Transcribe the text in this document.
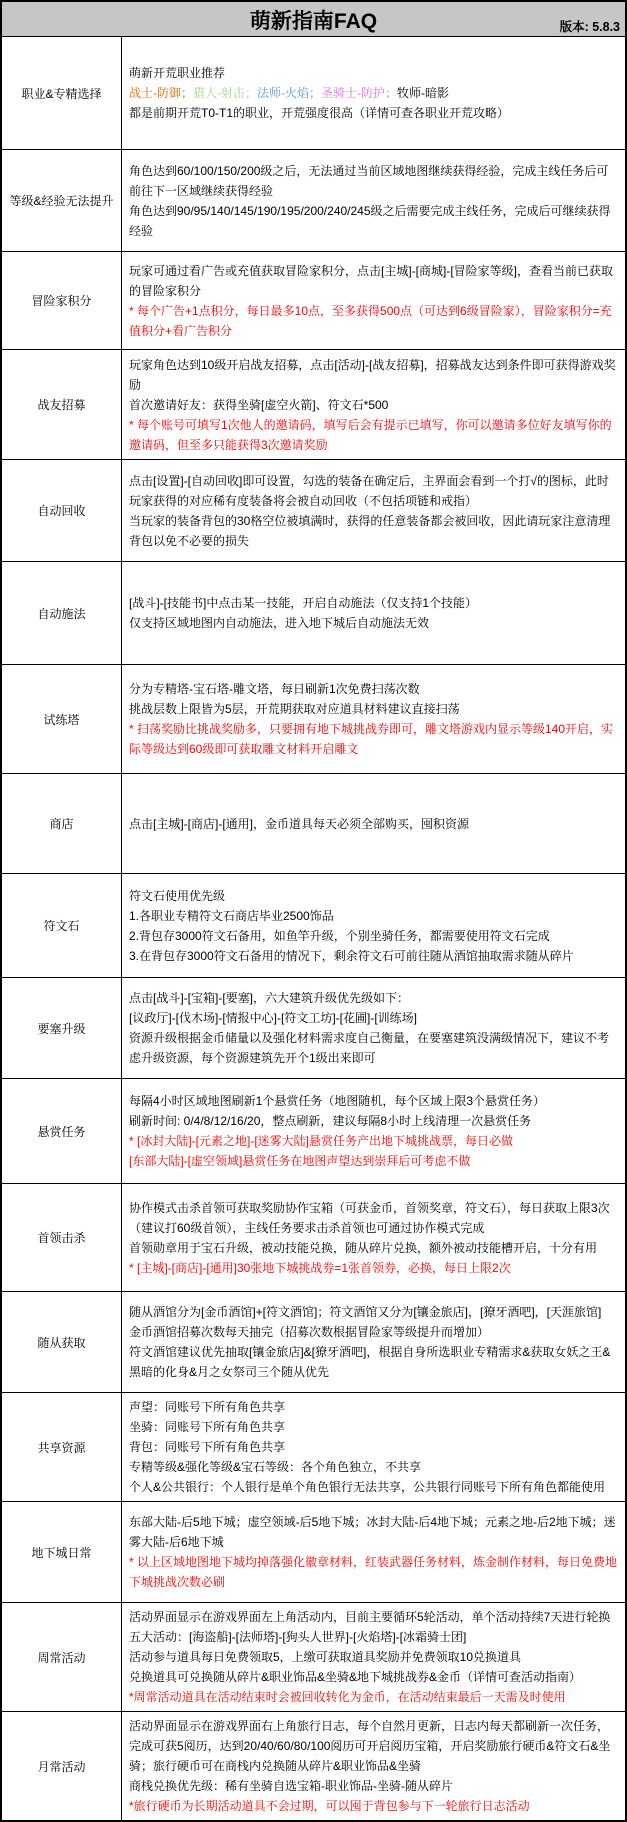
萌新指南FAQ	版本: 5.8.3
职业&专精选择
萌新开荒职业推荐
战士-防御；猎人-射击；法师-火焰；圣骑士-防护；牧师-暗影
都是前期开荒T0-T1的职业，开荒强度很高（详情可查各职业开荒攻略）
等级&经验无法提升
角色达到60/100/150/200级之后，无法通过当前区域地图继续获得经验，完成主线任务后可前往下一区域继续获得经验
角色达到90/95/140/145/190/195/200/240/245级之后需要完成主线任务，完成后可继续获得经验
冒险家积分
玩家可通过看广告或充值获取冒险家积分，点击[主城]-[商城]-[冒险家等级]，查看当前已获取的冒险家积分
* 每个广告+1点积分，每日最多10点，至多获得500点（可达到6级冒险家），冒险家积分=充值积分+看广告积分
战友招募
玩家角色达到10级开启战友招募，点击[活动]-[战友招募]，招募战友达到条件即可获得游戏奖励
首次邀请好友：获得坐骑[虚空火箭]、符文石*500
* 每个账号可填写1次他人的邀请码，填写后会有提示已填写，你可以邀请多位好友填写你的邀请码，但至多只能获得3次邀请奖励
自动回收
点击[设置]-[自动回收]即可设置，勾选的装备在确定后，主界面会看到一个打√的图标，此时玩家获得的对应稀有度装备将会被自动回收（不包括项链和戒指）
当玩家的装备背包的30格空位被填满时，获得的任意装备都会被回收，因此请玩家注意清理背包以免不必要的损失
自动施法
[战斗]-[技能书]中点击某一技能，开启自动施法（仅支持1个技能）
仅支持区域地图内自动施法，进入地下城后自动施法无效
试练塔
分为专精塔-宝石塔-雕文塔，每日刷新1次免费扫荡次数
挑战层数上限皆为5层，开荒期获取对应道具材料建议直接扫荡
* 扫荡奖励比挑战奖励多，只要拥有地下城挑战券即可，雕文塔游戏内显示等级140开启，实际等级达到60级即可获取雕文材料开启雕文
商店	点击[主城]-[商店]-[通用]，金币道具每天必须全部购买，囤积资源
符文石
符文石使用优先级
1.各职业专精符文石商店毕业2500饰品
2.背包存3000符文石备用，如鱼竿升级，个别坐骑任务，都需要使用符文石完成
3.在背包存3000符文石备用的情况下，剩余符文石可前往随从酒馆抽取需求随从碎片
要塞升级
点击[战斗]-[宝箱]-[要塞]，六大建筑升级优先级如下：
[议政厅]-[伐木场]-[情报中心]-[符文工坊]-[花圃]-[训练场]
资源升级根据金币储量以及强化材料需求度自己衡量，在要塞建筑没满级情况下，建议不考虑升级资源，每个资源建筑先开个1级出来即可
悬赏任务
每隔4小时区域地图刷新1个悬赏任务（地图随机，每个区域上限3个悬赏任务）
刷新时间: 0/4/8/12/16/20，整点刷新，建议每隔8小时上线清理一次悬赏任务
* [冰封大陆]-[元素之地]-[迷雾大陆]悬赏任务产出地下城挑战票，每日必做
[东部大陆]-[虚空领域]悬赏任务在地图声望达到崇拜后可考虑不做
首领击杀
协作模式击杀首领可获取奖励协作宝箱（可获金币，首领奖章，符文石），每日获取上限3次（建议打60级首领），主线任务要求击杀首领也可通过协作模式完成
首领勋章用于宝石升级，被动技能兑换，随从碎片兑换，额外被动技能槽开启，十分有用
* [主城]-[商店]-[通用]30张地下城挑战券=1张首领券，必换，每日上限2次
随从获取
随从酒馆分为[金币酒馆]+[符文酒馆]；符文酒馆又分为[镶金旅店]，[獠牙酒吧]，[天涯旅馆]
金币酒馆招募次数每天抽完（招募次数根据冒险家等级提升而增加）
符文酒馆建议优先抽取[镶金旅店]&[獠牙酒吧]，根据自身所选职业专精需求&获取女妖之王&黑暗的化身&月之女祭司三个随从优先
共享资源
声望：同账号下所有角色共享
坐骑：同账号下所有角色共享
背包：同账号下所有角色共享
专精等级&强化等级&宝石等级：各个角色独立，不共享
个人&公共银行：个人银行是单个角色银行无法共享，公共银行同账号下所有角色都能使用
地下城日常
东部大陆-后5地下城；虚空领域-后5地下城；冰封大陆-后4地下城；元素之地-后2地下城；迷雾大陆-后6地下城
* 以上区域地图地下城均掉落强化徽章材料，红装武器任务材料，炼金制作材料，每日免费地下城挑战次数必刷
周常活动
活动界面显示在游戏界面左上角活动内，目前主要循环5轮活动，单个活动持续7天进行轮换
五大活动：[海盗船]-[法师塔]-[狗头人世界]-[火焰塔]-[冰霜骑士团]
活动参与道具每日免费领取5，上缴可获取道具奖励并免费领取10兑换道具
兑换道具可兑换随从碎片&职业饰品&坐骑&地下城挑战券&金币（详情可查活动指南）
*周常活动道具在活动结束时会被回收转化为金币，在活动结束最后一天需及时使用
月常活动
活动界面显示在游戏界面右上角旅行日志，每个自然月更新，日志内每天都刷新一次任务，完成可获5阅历，达到20/40/60/80/100阅历可开启阅历宝箱，开启奖励旅行硬币&符文石&坐骑；旅行硬币可在商栈内兑换随从碎片&职业饰品&坐骑
商栈兑换优先级：稀有坐骑自选宝箱-职业饰品-坐骑-随从碎片
*旅行硬币为长期活动道具不会过期，可以囤于背包参与下一轮旅行日志活动
